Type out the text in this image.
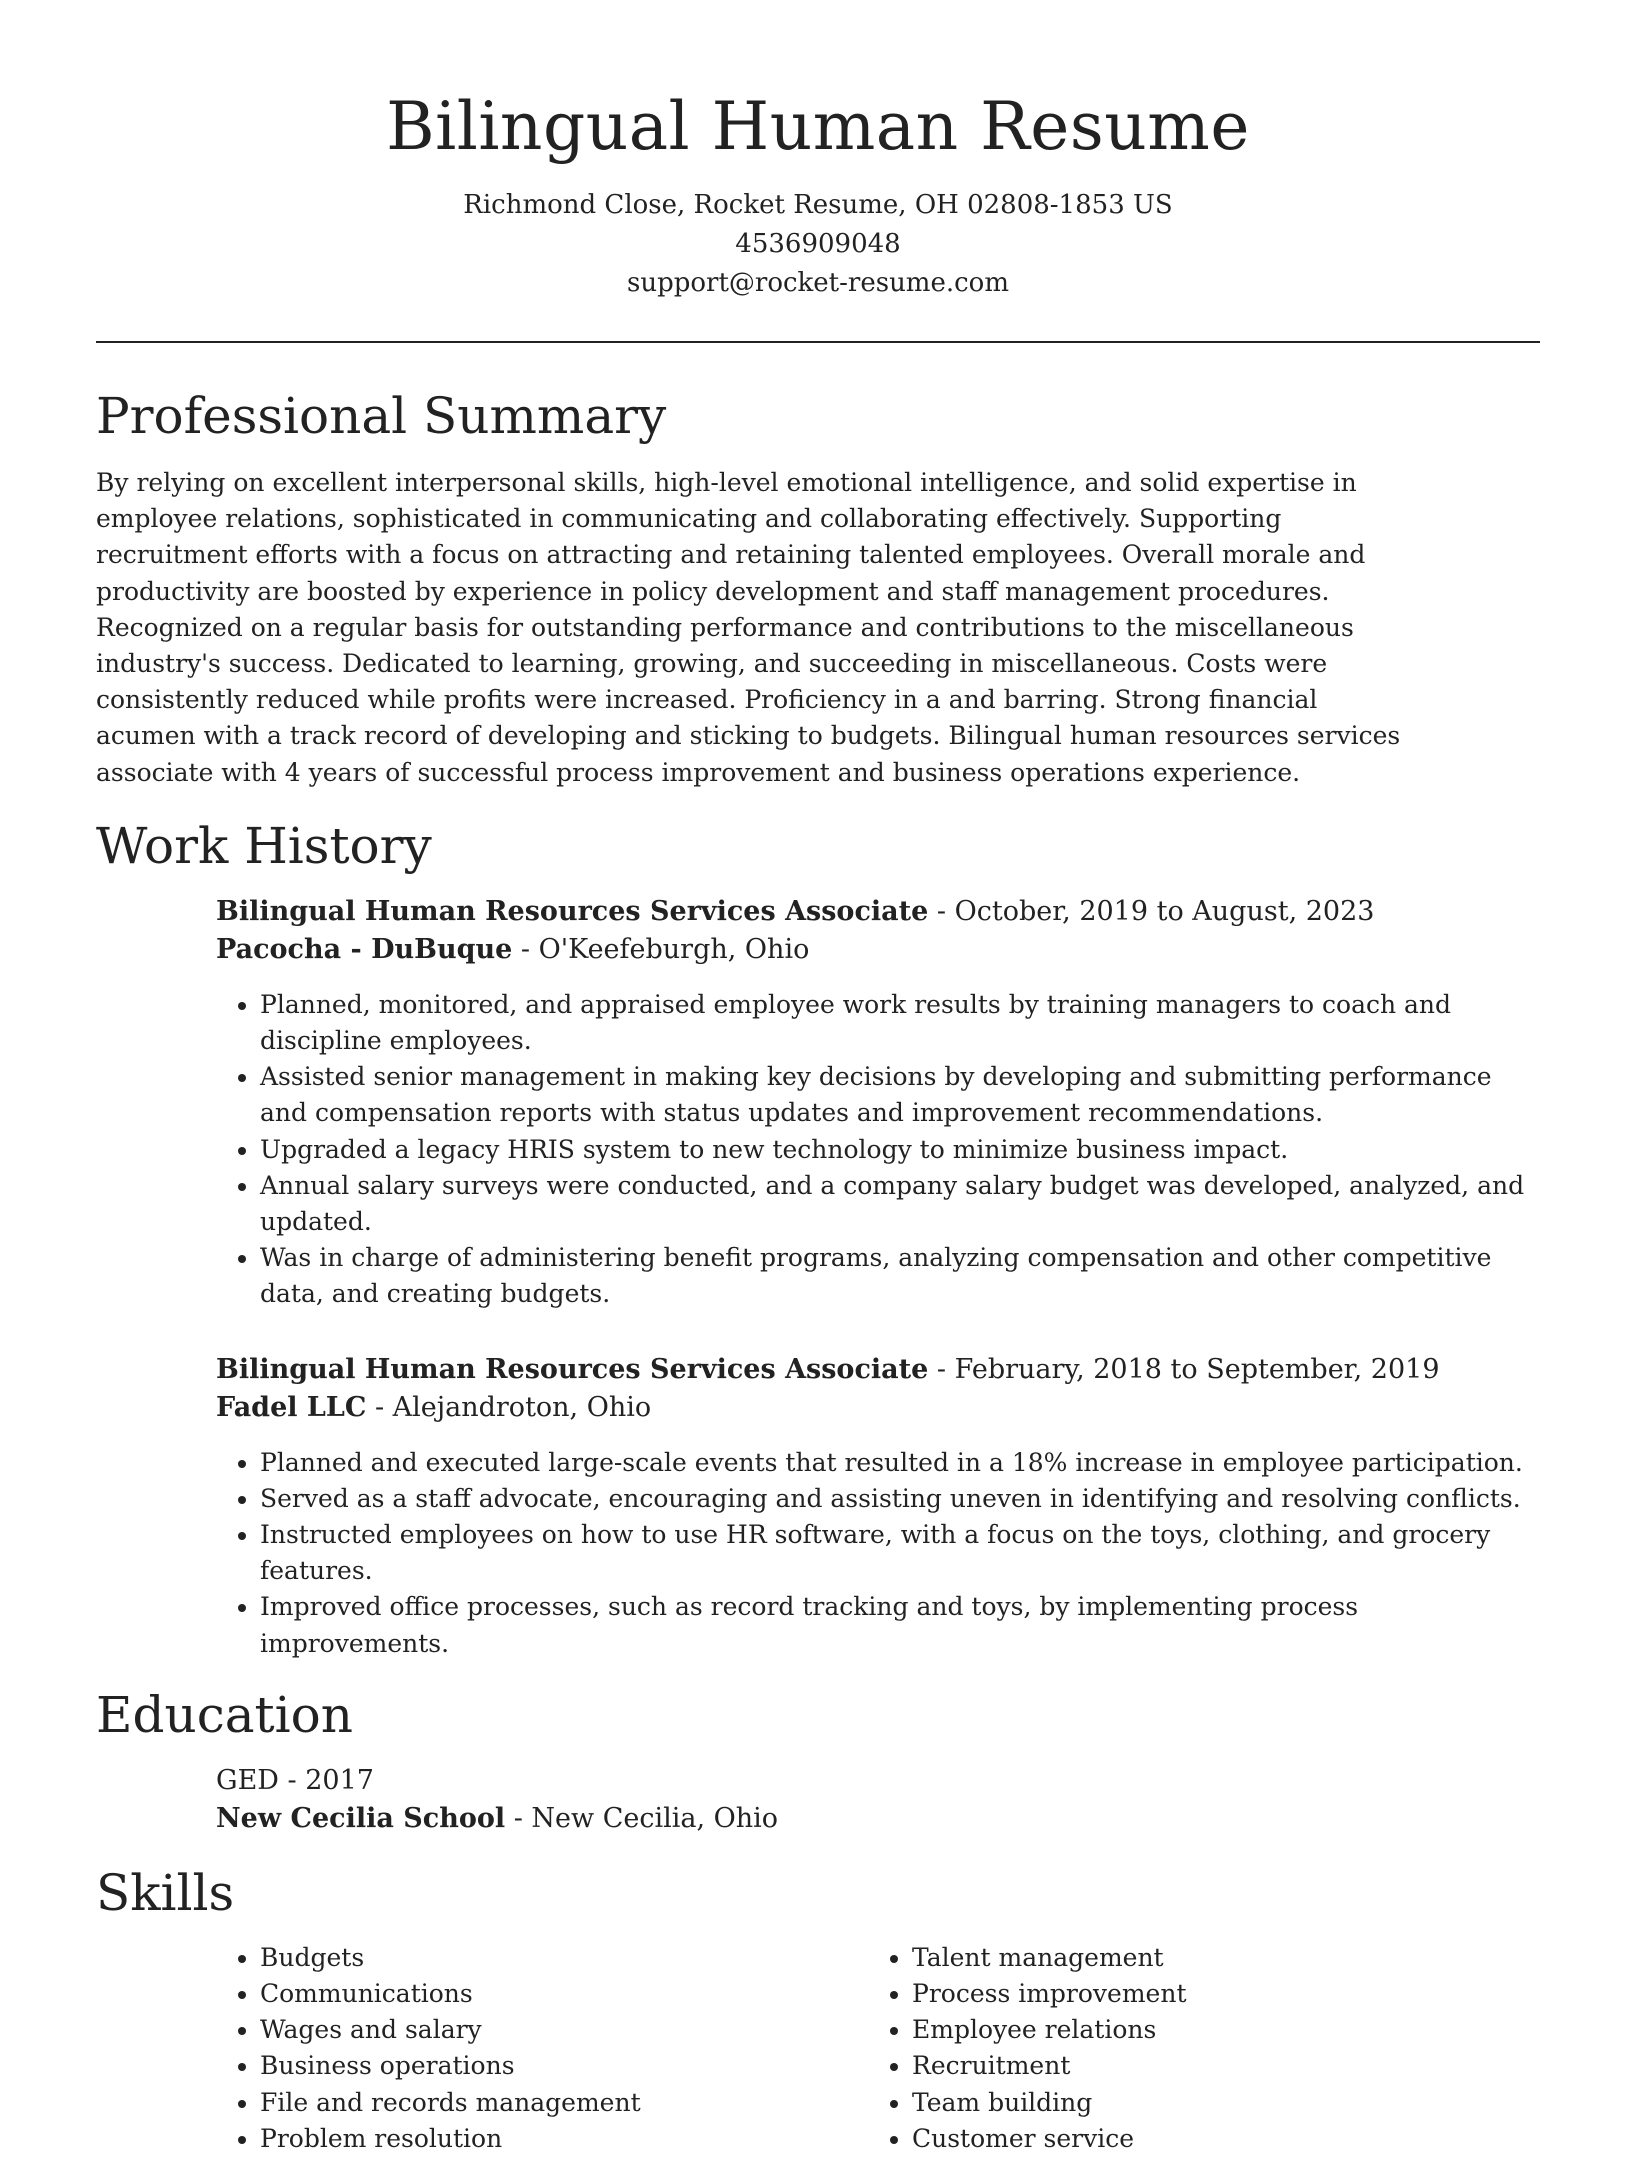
Bilingual Human Resume
Richmond Close, Rocket Resume, OH 02808-1853 US
4536909048
support@rocket-resume.com
Professional Summary

By relying on excellent interpersonal skills, high-level emotional intelligence, and solid expertise in employee relations, sophisticated in communicating and collaborating effectively. Supporting recruitment efforts with a focus on attracting and retaining talented employees. Overall morale and productivity are boosted by experience in policy development and staff management procedures. Recognized on a regular basis for outstanding performance and contributions to the miscellaneous industry's success. Dedicated to learning, growing, and succeeding in miscellaneous. Costs were consistently reduced while profits were increased. Proficiency in a and barring. Strong financial acumen with a track record of developing and sticking to budgets. Bilingual human resources services associate with 4 years of successful process improvement and business operations experience.

Work History
Bilingual Human Resources Services Associate - October, 2019 to August, 2023
Pacocha - DuBuque - O'Keefeburgh, Ohio
• Planned, monitored, and appraised employee work results by training managers to coach and discipline employees.
• Assisted senior management in making key decisions by developing and submitting performance and compensation reports with status updates and improvement recommendations.
• Upgraded a legacy HRIS system to new technology to minimize business impact.
• Annual salary surveys were conducted, and a company salary budget was developed, analyzed, and updated.
• Was in charge of administering benefit programs, analyzing compensation and other competitive data, and creating budgets.
Bilingual Human Resources Services Associate - February, 2018 to September, 2019
Fadel LLC - Alejandroton, Ohio
• Planned and executed large-scale events that resulted in a 18% increase in employee participation.
• Served as a staff advocate, encouraging and assisting uneven in identifying and resolving conflicts.
• Instructed employees on how to use HR software, with a focus on the toys, clothing, and grocery features.
• Improved office processes, such as record tracking and toys, by implementing process improvements.
Education
GED - 2017
New Cecilia School - New Cecilia, Ohio
Skills
• Budgets
• Communications
• Wages and salary
• Business operations
• File and records management
• Problem resolution
• Talent management
• Process improvement
• Employee relations
• Recruitment
• Team building
• Customer service
